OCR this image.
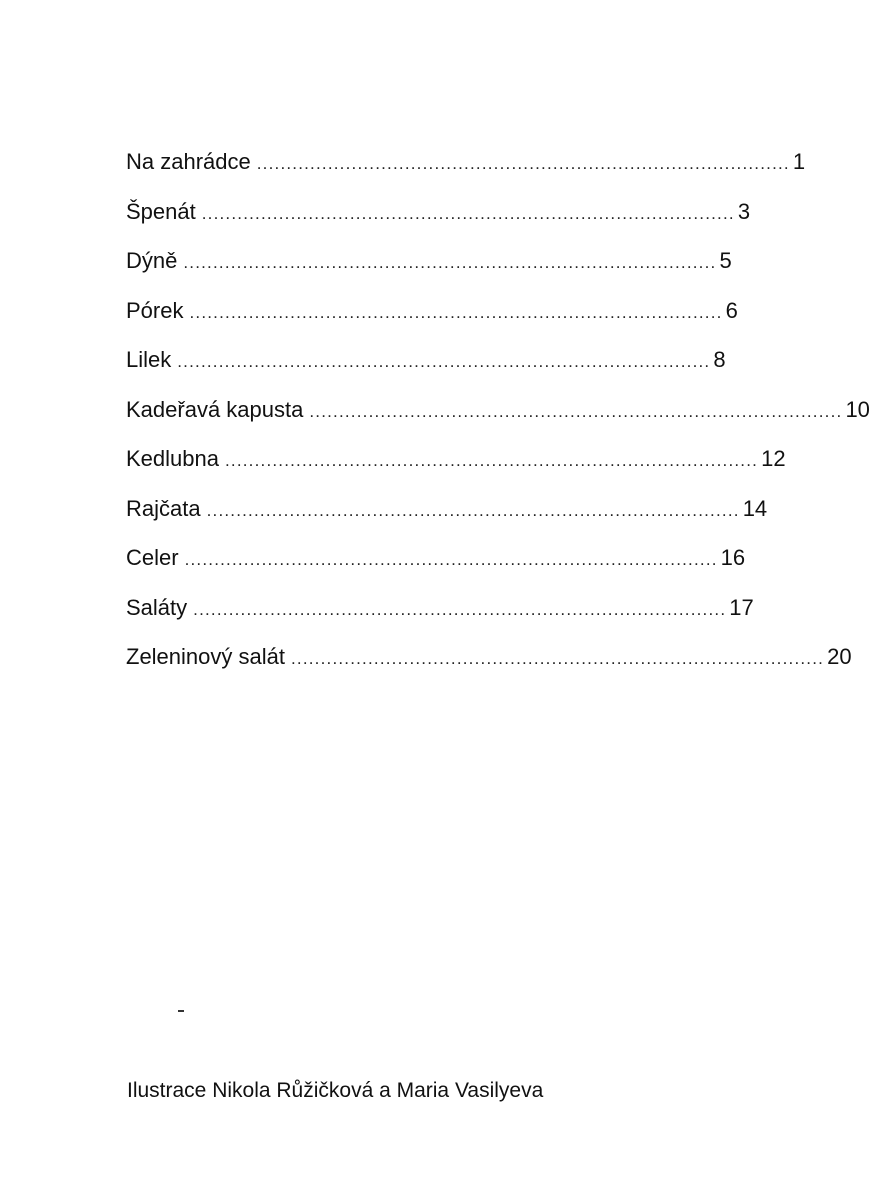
Na zahrádce .......................................................................................... 1
Špenát .......................................................................................... 3
Dýně .......................................................................................... 5
Pórek .......................................................................................... 6
Lilek .......................................................................................... 8
Kadeřavá kapusta .......................................................................................... 10
Kedlubna .......................................................................................... 12
Rajčata .......................................................................................... 14
Celer .......................................................................................... 16
Saláty .......................................................................................... 17
Zeleninový salát .......................................................................................... 20
Ilustrace Nikola Růžičková a Maria Vasilyeva
